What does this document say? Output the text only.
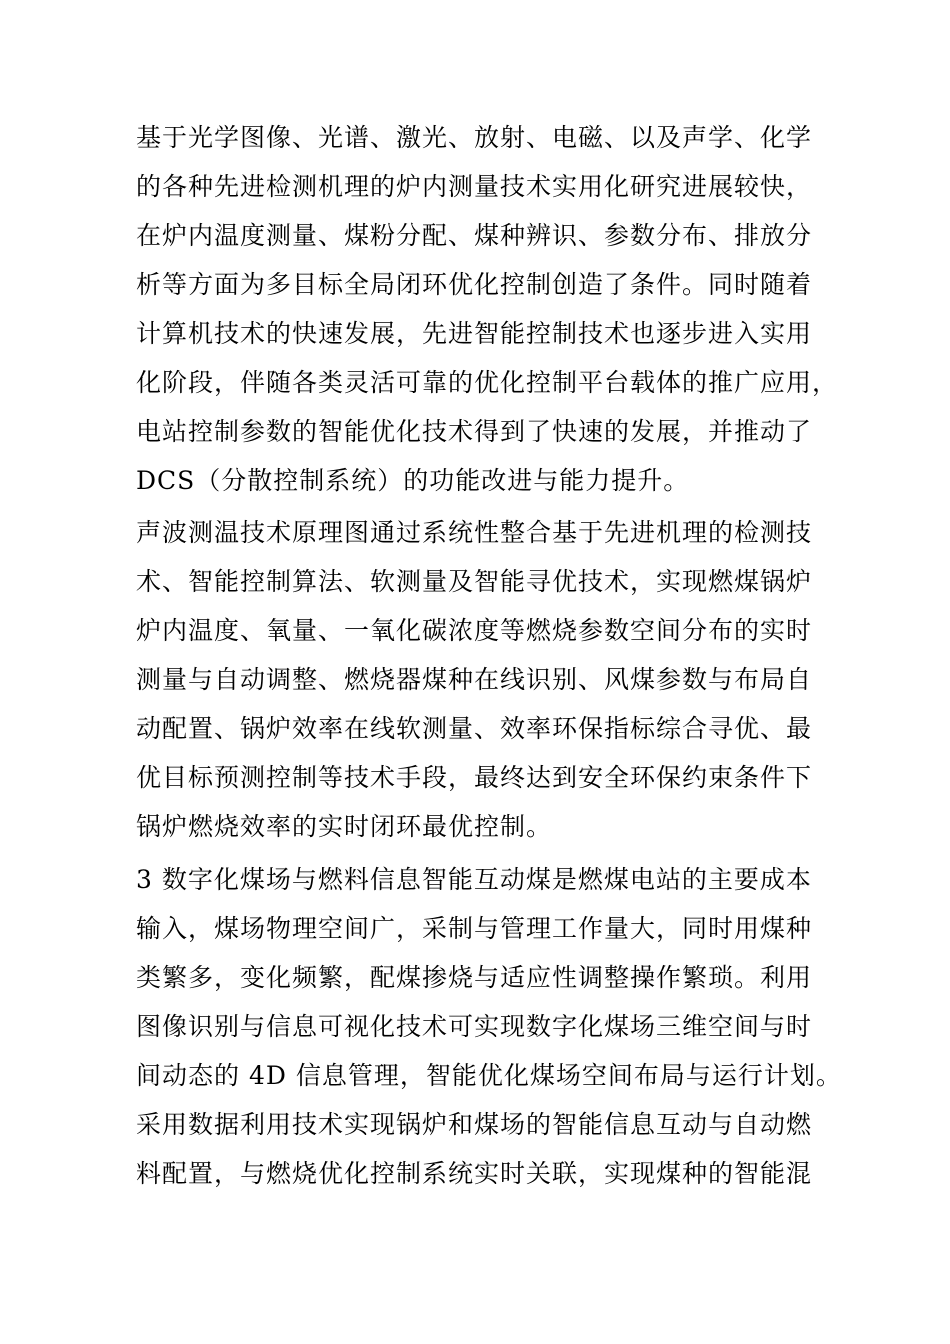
基于光学图像、光谱、激光、放射、电磁、以及声学、化学
的各种先进检测机理的炉内测量技术实用化研究进展较快，
在炉内温度测量、煤粉分配、煤种辨识、参数分布、排放分
析等方面为多目标全局闭环优化控制创造了条件。同时随着
计算机技术的快速发展，先进智能控制技术也逐步进入实用
化阶段，伴随各类灵活可靠的优化控制平台载体的推广应用，
电站控制参数的智能优化技术得到了快速的发展，并推动了
DCS（分散控制系统）的功能改进与能力提升。
声波测温技术原理图通过系统性整合基于先进机理的检测技
术、智能控制算法、软测量及智能寻优技术，实现燃煤锅炉
炉内温度、氧量、一氧化碳浓度等燃烧参数空间分布的实时
测量与自动调整、燃烧器煤种在线识别、风煤参数与布局自
动配置、锅炉效率在线软测量、效率环保指标综合寻优、最
优目标预测控制等技术手段，最终达到安全环保约束条件下
锅炉燃烧效率的实时闭环最优控制。
3 数字化煤场与燃料信息智能互动煤是燃煤电站的主要成本
输入，煤场物理空间广，采制与管理工作量大，同时用煤种
类繁多，变化频繁，配煤掺烧与适应性调整操作繁琐。利用
图像识别与信息可视化技术可实现数字化煤场三维空间与时
间动态的 4D 信息管理，智能优化煤场空间布局与运行计划。
采用数据利用技术实现锅炉和煤场的智能信息互动与自动燃
料配置，与燃烧优化控制系统实时关联，实现煤种的智能混
